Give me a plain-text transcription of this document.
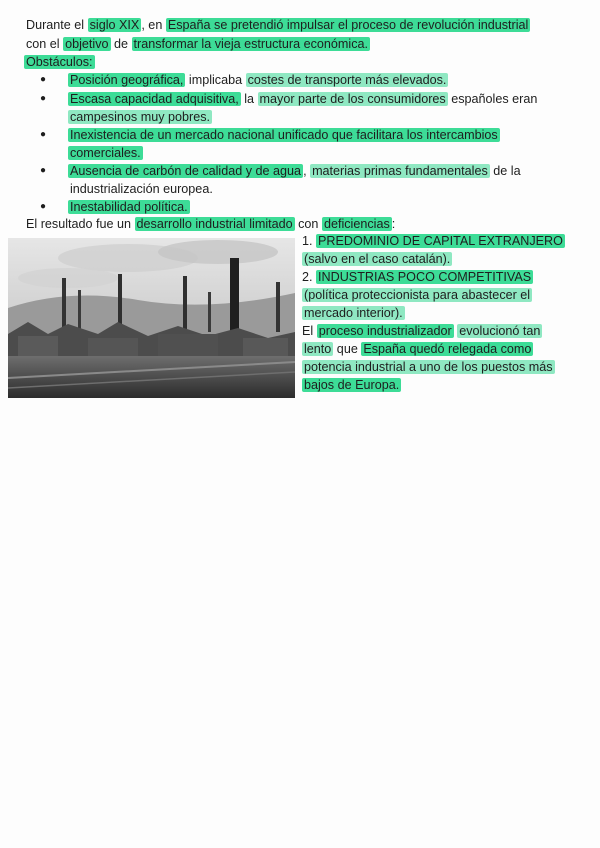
Durante el siglo XIX , en España se pretendió impulsar el proceso de revolución industrial
con el objetivo de transformar la vieja estructura económica.
Obstáculos:
● Posición geográfica, implicaba costes de transporte más elevados.
● Escasa capacidad adquisitiva, la mayor parte de los consumidores españoles eran
campesinos muy pobres.
● Inexistencia de un mercado nacional unificado que facilitara los intercambios
comerciales.
● Ausencia de carbón de calidad y de agua , materias primas fundamentales de la
industrialización europea.
● Inestabilidad política.
El resultado fue un desarrollo industrial limitado con deficiencias :
1. PREDOMINIO DE CAPITAL EXTRANJERO
(salvo en el caso catalán).
2. INDUSTRIAS POCO COMPETITIVAS
(política proteccionista para abastecer el
mercado interior).
El proceso industrializador evolucionó tan
lento que España quedó relegada como
potencia industrial a uno de los puestos más
bajos de Europa.
